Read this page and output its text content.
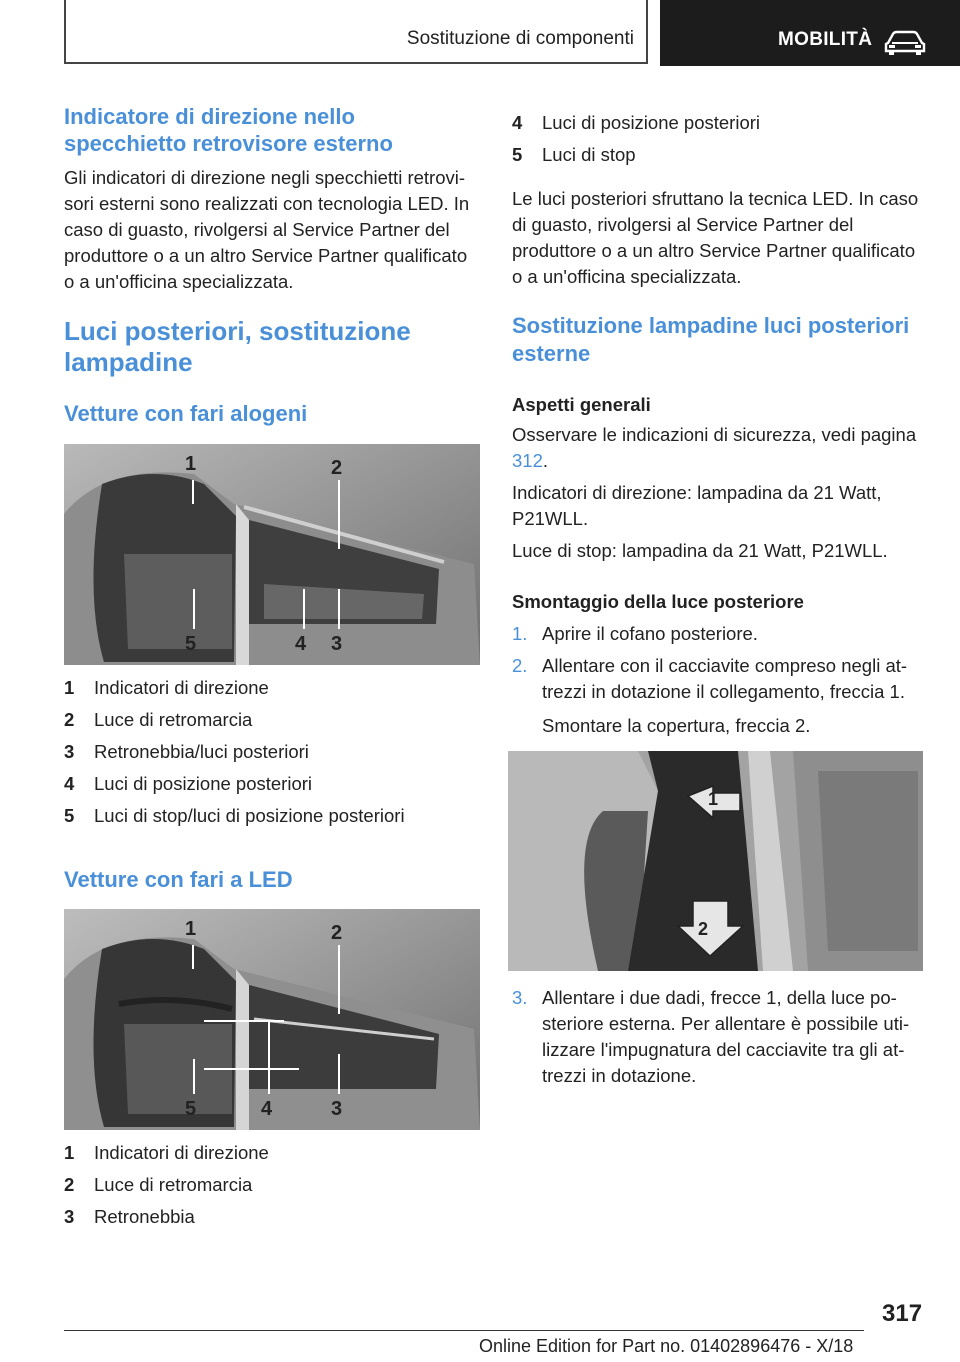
Sostituzione di componenti	MOBILITÀ
Indicatore di direzione nello specchietto retrovisore esterno

Gli indicatori di direzione negli specchietti retrovisori esterni sono realizzati con tecnologia LED. In caso di guasto, rivolgersi al Service Partner del produttore o a un altro Service Partner qualificato o a un'officina specializzata.

Luci posteriori, sostituzione lampadine
Vetture con fari alogeni
1	2
5	4 3
1	Indicatori di direzione
2	Luce di retromarcia
3	Retronebbia/luci posteriori
4	Luci di posizione posteriori
5	Luci di stop/luci di posizione posteriori
Vetture con fari a LED
1	2
5	4	3
1	Indicatori di direzione
2	Luce di retromarcia
3	Retronebbia
4	Luci di posizione posteriori
5	Luci di stop

Le luci posteriori sfruttano la tecnica LED. In caso di guasto, rivolgersi al Service Partner del produttore o a un altro Service Partner qualificato o a un'officina specializzata.

Sostituzione lampadine luci posteriori esterne
Aspetti generali

Osservare le indicazioni di sicurezza, vedi pagina 312.

Indicatori di direzione: lampadina da 21 Watt, P21WLL.

Luce di stop: lampadina da 21 Watt, P21WLL.

Smontaggio della luce posteriore
1. Aprire il cofano posteriore.
2. Allentare con il cacciavite compreso negli attrezzi in dotazione il collegamento, freccia 1.
Smontare la copertura, freccia 2.
1
2
3. Allentare i due dadi, frecce 1, della luce posteriore esterna. Per allentare è possibile utilizzare l'impugnatura del cacciavite tra gli attrezzi in dotazione.
317
Online Edition for Part no. 01402896476 - X/18
